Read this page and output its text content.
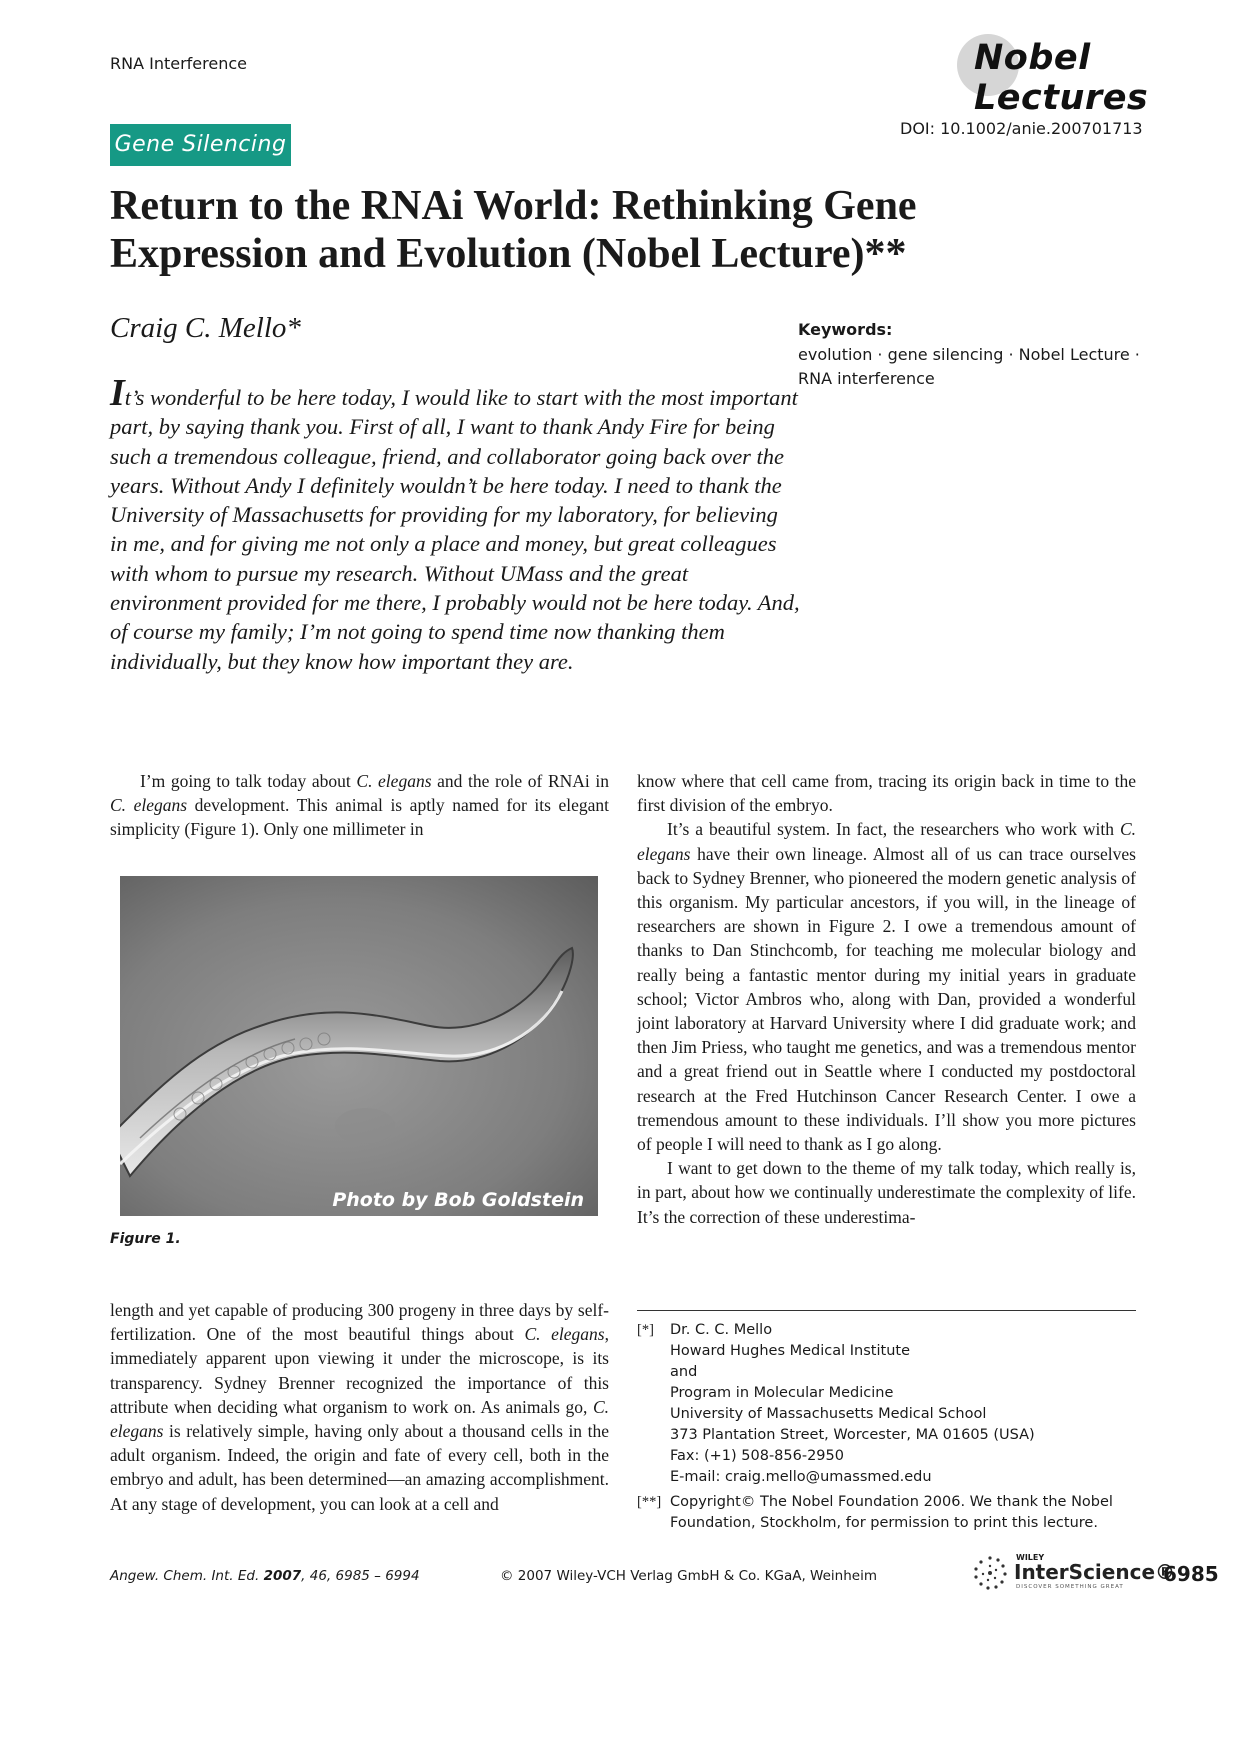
RNA Interference	Nobel Lectures
DOI: 10.1002/anie.200701713
Gene Silencing
Return to the RNAi World: Rethinking Gene
Expression and Evolution (Nobel Lecture)**
Craig C. Mello*	Keywords:
evolution · gene silencing · Nobel Lecture ·
RNA interference

It’s wonderful to be here today, I would like to start with the most important part, by saying thank you. First of all, I want to thank Andy Fire for being such a tremendous colleague, friend, and collaborator going back over the years. Without Andy I definitely wouldn’t be here today. I need to thank the University of Massachusetts for providing for my laboratory, for believing in me, and for giving me not only a place and money, but great colleagues with whom to pursue my research. Without UMass and the great environment provided for me there, I probably would not be here today. And, of course my family; I’m not going to spend time now thanking them individually, but they know how important they are.

I’m going to talk today about C. elegans and the role of RNAi in C. elegans development. This animal is aptly named for its elegant simplicity (Figure 1). Only one millimeter in

Photo by Bob Goldstein
Figure 1.

length and yet capable of producing 300 progeny in three days by self-fertilization. One of the most beautiful things about C. elegans, immediately apparent upon viewing it under the microscope, is its transparency. Sydney Brenner recognized the importance of this attribute when deciding what organism to work on. As animals go, C. elegans is relatively simple, having only about a thousand cells in the adult organism. Indeed, the origin and fate of every cell, both in the embryo and adult, has been determined—an amazing accomplishment. At any stage of development, you can look at a cell and

know where that cell came from, tracing its origin back in time to the first division of the embryo.

It’s a beautiful system. In fact, the researchers who work with C. elegans have their own lineage. Almost all of us can trace ourselves back to Sydney Brenner, who pioneered the modern genetic analysis of this organism. My particular ancestors, if you will, in the lineage of researchers are shown in Figure 2. I owe a tremendous amount of thanks to Dan Stinchcomb, for teaching me molecular biology and really being a fantastic mentor during my initial years in graduate school; Victor Ambros who, along with Dan, provided a wonderful joint laboratory at Harvard University where I did graduate work; and then Jim Priess, who taught me genetics, and was a tremendous mentor and a great friend out in Seattle where I conducted my postdoctoral research at the Fred Hutchinson Cancer Research Center. I owe a tremendous amount to these individuals. I’ll show you more pictures of people I will need to thank as I go along.

I want to get down to the theme of my talk today, which really is, in part, about how we continually underestimate the complexity of life. It’s the correction of these underestima-

[*] Dr. C. C. Mello
Howard Hughes Medical Institute
and
Program in Molecular Medicine
University of Massachusetts Medical School
373 Plantation Street, Worcester, MA 01605 (USA)
Fax: (+1) 508-856-2950
E-mail: craig.mello@umassmed.edu
[**] Copyright© The Nobel Foundation 2006. We thank the Nobel Foundation, Stockholm, for permission to print this lecture.
Angew. Chem. Int. Ed. 2007, 46, 6985 – 6994	© 2007 Wiley-VCH Verlag GmbH & Co. KGaA, Weinheim
WILEY
InterScience®
DISCOVER SOMETHING GREAT
6985
